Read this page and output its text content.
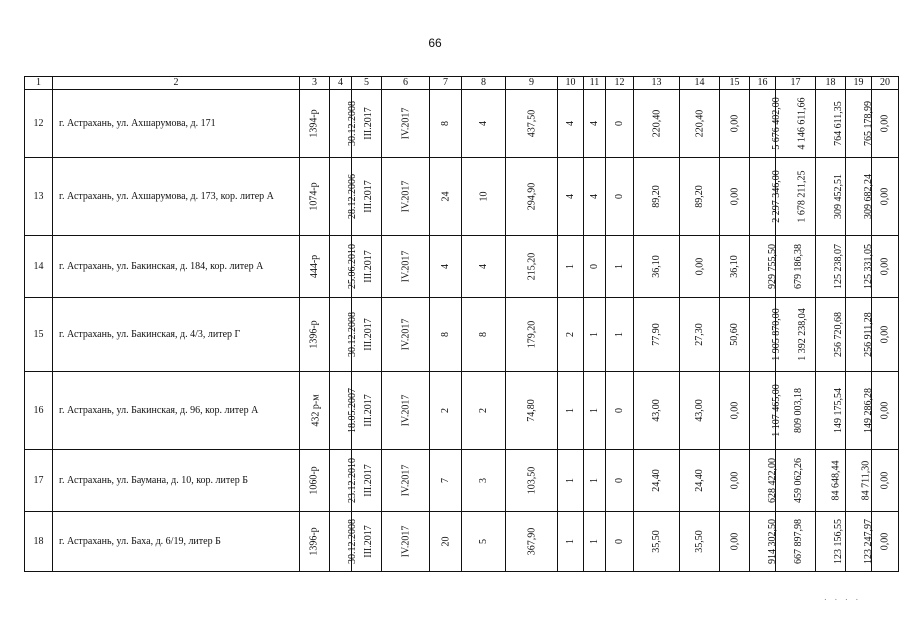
66
1	2	3	4	5	6	7	8	9	10	11	12	13	14	15	16	17	18	19	20
12	г. Астрахань, ул. Ахшарумова, д. 171	1394-р	30.12.2008	III.2017	IV.2017	8	4	437,50	4	4	0	220,40	220,40	0,00	5 676 402,00	4 146 611,66	764 611,35	765 178,99	0,00
13	г. Астрахань, ул. Ахшарумова, д. 173, кор. литер А	1074-р	28.12.2006	III.2017	IV.2017	24	10	294,90	4	4	0	89,20	89,20	0,00	2 297 346,00	1 678 211,25	309 452,51	309 682,24	0,00
14	г. Астрахань, ул. Бакинская, д. 184, кор. литер А	444-р	25.06.2010	III.2017	IV.2017	4	4	215,20	1	0	1	36,10	0,00	36,10	929 755,50	679 186,38	125 238,07	125 331,05	0,00
15	г. Астрахань, ул. Бакинская, д. 4/3, литер Г	1396-р	30.12.2008	III.2017	IV.2017	8	8	179,20	2	1	1	77,90	27,30	50,60	1 905 870,00	1 392 238,04	256 720,68	256 911,28	0,00
16	г. Астрахань, ул. Бакинская, д. 96, кор. литер А	432 р-м	18.05.2007	III.2017	IV.2017	2	2	74,80	1	1	0	43,00	43,00	0,00	1 107 465,00	809 003,18	149 175,54	149 286,28	0,00
17	г. Астрахань, ул. Баумана, д. 10, кор. литер Б	1060-р	23.12.2010	III.2017	IV.2017	7	3	103,50	1	1	0	24,40	24,40	0,00	628 422,00	459 062,26	84 648,44	84 711,30	0,00
18	г. Астрахань, ул. Баха, д. 6/19, литер Б	1396-р	30.12.2008	III.2017	IV.2017	20	5	367,90	1	1	0	35,50	35,50	0,00	914 302,50	667 897,98	123 156,55	123 247,97	0,00
. . . .
